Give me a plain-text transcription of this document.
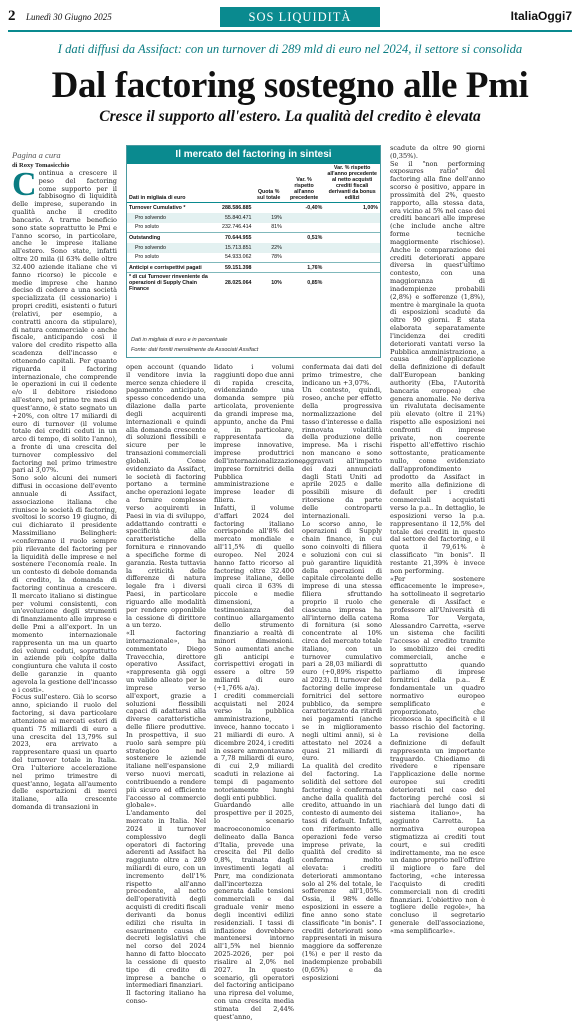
2 Lunedì 30 Giugno 2025	SOS LIQUIDITÀ	ItaliaOggi7
I dati diffusi da Assifact: con un turnover di 289 mld di euro nel 2024, il settore si consolida
Dal factoring sostegno alle Pmi
Cresce il supporto all'estero. La qualità del credito è elevata
Pagina a cura
di Roxy Tomasicchio

Continua a crescere il peso del factoring come supporto per il fabbisogno di liquidità delle imprese, superando in qualità anche il credito bancario. A trarne beneficio sono state soprattutto le Pmi e l'anno scorso, in particolare, anche le imprese italiane all'estero. Sono state, infatti oltre 20 mila (il 63% delle oltre 32.400 aziende italiane che vi fanno ricorso) le piccole e medie imprese che hanno deciso di cedere a una società specializzata (il cessionario) i propri crediti, esistenti o futuri (relativi, per esempio, a contratti ancora da stipulare), di natura commerciale o anche fiscale, anticipando così il valore del credito rispetto alla scadenza dell'incasso e ottenendo capitali. Per quanto riguarda il factoring internazionale, che comprende le operazioni in cui il cedente e/o il debitore risiedono all'estero, nel primo tre mesi di quest'anno, è stato segnato un +20%, con oltre 17 miliardi di euro di turnover (il volume totale dei crediti ceduti in un arco di tempo, di solito l'anno), a fronte di una crescita del turnover complessivo del factoring nel primo trimestre pari al 3,07%.

Sono solo alcuni dei numeri diffusi in occasione dell'evento annuale di Assifact, associazione italiana che riunisce le società di factoring, svoltosi lo scorso 19 giugno, di cui dichiarato il presidente Massimiliano Belingheri: «confermano il ruolo sempre più rilevante del factoring per la liquidità delle imprese e nel sostenere l'economia reale. In un contesto di debole domanda di credito, la domanda di factoring continua a crescere. Il mercato italiano si distingue per volumi consistenti, con un'evoluzione degli strumenti di finanziamento alle imprese e delle Pmi a all'export. In un momento internazionale rappresenta un ma un quarto dei volumi ceduti, soprattutto in aziende più colpite dalla congiuntura che valuta il costo delle garanzie in quanto agevola la gestione dell'incasso e i costi».

Focus sull'estero. Già lo scorso anno, spiciando il ruolo del factoring, si dava particolare attenzione ai mercati esteri di quanti 75 miliardi di euro a una crescita del 13,79% sul 2023, era arrivato a rappresentare quasi un quarto del turnover totale in Italia. Ora l'ulteriore accelerazione nel primo trimestre di quest'anno, legata all'aumento delle esportazioni di merci italiane, alla crescente domanda di transazioni in

Il mercato del factoring in sintesi
Dati in migliaia di euro		Quota % sul totale	Var. % rispetto all'anno precedente	Var. % rispetto all'anno precedente al netto acquisti crediti fiscali derivanti da bonus edilizi
Turnover Cumulativo *	288.586.885		-0,40%	1,00%
Pro solvendo	55.840.471	19%		
Pro soluto	232.746.414	81%		
Outstanding	70.644.955		0,51%	
Pro solvendo	15.713.851	22%		
Pro soluto	54.933.062	78%		
Anticipi e corrispettivi pagati	59.151.398		1,76%	
* di cui Turnover rinveniente da operazioni di Supply Chain Finance	28.025.064	10%	0,85%	
Dati in migliaia di euro e in percentuale
Fonte: dati forniti mensilmente da Associati Assifact

open account (quando il venditore invia la merce senza chiedere il pagamento anticipato, spesso concedendo una dilazione dalla parte degli acquirenti internazionali e quindi alla domanda crescente di soluzioni flessibili e sicure per le transazioni commerciali globali. Come evidenziato da Assifact, le società di factoring portano a termine anche operazioni legate a fornire complesse verso acquirenti in Paesi in via di sviluppo, addattando contratti e specificità alle caratteristiche della fornitura e rinnovando a specifiche forme di garanzia. Resta tuttavia la criticità delle differenze di natura legale fra i diversi Paesi, in particolare riguardo alle modalità per rendere opponibile la cessione di dirittore a un terzo.

«Il factoring internazionale», ha commentato Diego Travecchia, direttore operativo Assifact, «rappresenta già oggi un valido alleato per le imprese verso all'export, grazie a soluzioni flessibili capaci di adattarsi alla diverse caratteristiche delle filiere produttive. In prospettiva, il suo ruolo sarà sempre più strategico nel sostenere le aziende italiane nell'espansione verso nuovi mercati, contribuendo a rendere più sicuro ed efficiente l'accesso al commercio globale».

L'andamento del mercato in Italia. Nel 2024 il turnover complessivo degli operatori di factoring aderenti ad Assifact ha raggiunto oltre a 289 miliardi di euro, con un incremento dell'1% rispetto all'anno precedente, al netto dell'operatività degli acquisti di crediti fiscali derivanti da bonus edilizi che risulta in esaurimento causa di decreti legislativi che nel corso del 2024 hanno di fatto bloccato la cessione di questo tipo di credito di imprese a banche o intermediari finanziari.

Il factoring italiano ha conso-

lidato i volumi raggiunti dopo due anni di rapida crescita, evidenziando una domanda sempre più articolata, proveniente da grandi imprese ma, appunto, anche da Pmi e, in particolare, rappresentata da imprese innovative, imprese produttrici dell'internazionalizzazione, imprese fornitrici della Pubblica amministrazione e imprese leader di filiera.

Infatti, il volume d'affari 2024 del factoring italiano corrisponde all'8% del mercato mondiale e all'11,5% di quello europeo. Nel 2024 hanno fatto ricorso al factoring oltre 32.400 imprese italiane, delle quali circa il 63% di piccole e medie dimensioni, a testimonianza del continuo allargamento dello strumento finanziario a realtà di minori dimensioni. Sono aumentati anche gli anticipi e corrispettivi erogati in essere a oltre 59 miliardi di euro (+1,76% a/a).

I crediti commerciali acquistati nel 2024 verso la pubblica amministrazione, invece, hanno toccato i 21 miliardi di euro. A dicembre 2024, i crediti in essere ammontavano a 7,78 miliardi di euro, di cui 2,9 miliardi scaduti in relazione ai tempi di pagamento notoriamente lunghi degli enti pubblici.

Guardando alle prospettive per il 2025, lo scenario macroeconomico delineato dalla Banca d'Italia, prevede una crescita del Pil dello 0,8%, trainata dagli investimenti legati al Pnrr, ma condizionata dall'incertezza generata dalle tensioni commerciali e dal graduale venir meno degli incentivi edilizi residenziali. I tassi di inflazione dovrebbero mantenersi intorno all'1,5% nel biennio 2025-2026, per poi risalire al 2,0% nel 2027. In questo scenario, gli operatori del factoring anticipano una ripresa del volume, con una crescita media stimata del 2,44% quest'anno,

confermata dai dati del primo trimestre, che indicano un +3,07%.

Un contesto, quindi, roseo, anche per effetto della progressiva normalizzazione del tasso d'interesse e dalla rinnovata volatilità della produzione delle imprese. Ma i rischi non mancano e sono aggravati all'impatto dei dazi annunciati dagli Stati Uniti ad aprile 2025 e dalle possibili misure di ritorsione da parte delle controparti internazionali.

Lo scorso anno, le operazioni di Supply chain finance, in cui sono coinvolti di filiera e soluzioni con cui si può garantire liquidità della operazioni di capitale circolante delle imprese di una stessa filiera sfruttando proprio il ruolo che ciascuna impresa ha all'interno della catena di fornitura (si sono concentrate al 10% circa del mercato totale italiano, con un turnover cumulativo pari a 28,03 miliardi di euro (+0,89% rispetto al 2023). Il turnover del factoring delle imprese fornitrici del settore pubblico, da sempre caratterizzato da ritardi nei pagamenti (anche se in miglioramento negli ultimi anni), si è attestato nel 2024 a quasi 21 miliardi di euro.

La qualità del credito del factoring. La solidità del settore del factoring è confermata anche dalla qualità del credito, attuando in un contesto di aumento dei tassi di default. Infatti, con riferimento alle operazioni fede verso imprese private, la qualità del credito si conferma molto elevata: i crediti deteriorati ammontano solo al 2% del totale, le sofferenze all'1,05%. Ossia, il 98% delle esposizioni in essere a fine anno sono state classificate "in bonis". I crediti deteriorati sono rappresentati in misura maggiore da sofferenze (1%) e per il resto da inadempienze probabili (0,65%) e da esposizioni

scadute da oltre 90 giorni (0,35%).

Se il "non performing exposures ratio" del factoring alla fine dell'anno scorso è positivo, appare in prossimità del 2%, questo rapporto, alla stessa data, era vicino al 5% nel caso dei crediti bancari alle imprese (che include anche altre forme tecniche maggiormente rischiose). Anche le comparazione dei crediti deteriorati appare diversa in quest'ultimo contesto, con una maggioranza di inadempienze probabili (2,8%) e sofferenze (1,8%), mentre è marginale la quota di esposizioni scadute da oltre 90 giorni. È stata elaborata separatamente l'incidenza dei crediti deteriorati vantati verso la Pubblica amministrazione, a causa dell'applicazione della definizione di default dall'European banking authority (Eba, l'Autorità bancaria europea) che genera anomalie. Ne deriva un rivalutata decisamente più elevato (oltre il 21%) rispetto alle esposizioni nei confronti di imprese private, non coerente rispetto all'effettivo rischio sottostante, praticamente nullo, come evidenziato dall'approfondimento prodotto da Assifact in merito alla definizione di default per i crediti commerciali acquistati verso la p.a.. In dettaglio, le esposizioni verso la p.a. rappresentano il 12,5% del totale dei crediti in questo dal settore del factoring, e il quota il 79,61% è classificato "in bonis". Il restante 21,39% è invece non performing.

«Per sostenere efficacemente le imprese», ha sottolineato il segretario generale di Assifact e professore all'Università di Roma Tor Vergata, Alessandro Carretta, «serve un sistema che faciliti l'accesso al credito tramite lo smobilizzo dei crediti commerciali, anche e soprattutto quando parliamo di imprese fornitrici della p.a.. È fondamentale un quadro normativo europeo semplificato e proporzionato, che riconosca la specificità e il basso rischio del factoring. La revisione della definizione di default rappresenta un importante traguardo. Chiediamo di rivedere e ripensare l'applicazione delle norme europee sui crediti deteriorati nel caso del factoring perché così si riachiarà del lungo dati di sistema italiano», ha aggiunto Carretta. La normativa europea stigmatizza ai crediti tout court, e sui crediti indirettamente, ma ne esce un danno proprio nell'offrire il migliore o fare del factoring, «che interessa l'acquisto di crediti commerciali non di crediti finanziari. L'obiettivo non è togliere delle regole», ha concluso il segretario generale dell'associazione, «ma semplificarle».
